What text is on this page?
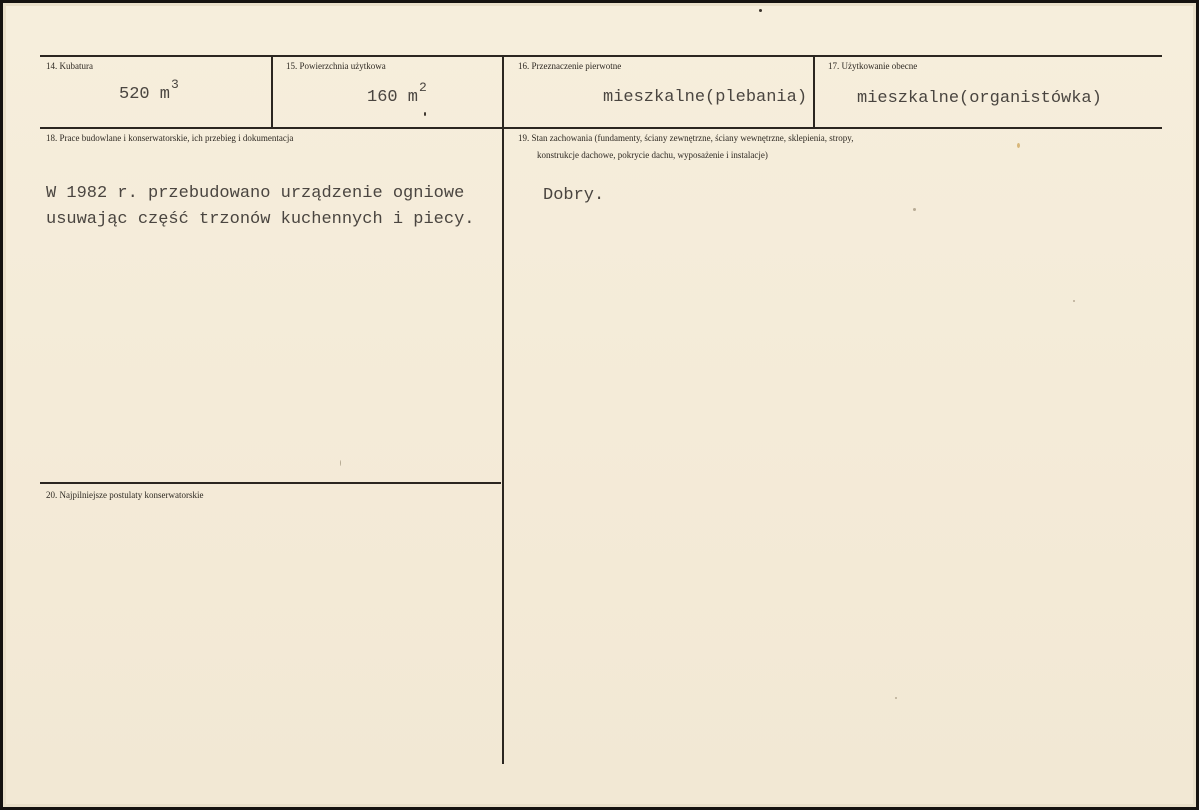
14. Kubatura
520 $m^3$
15. Powierzchnia użytkowa
160 $m^2$
16. Przeznaczenie pierwotne
mieszkalne(plebania)
17. Użytkowanie obecne
mieszkalne(organistówka)
18. Prace budowlane i konserwatorskie, ich przebieg i dokumentacja
W 1982 r. przebudowano urządzenie ogniowe
usuwając część trzonów kuchennych i piecy.
19. Stan zachowania (fundamenty, ściany zewnętrzne, ściany wewnętrzne, sklepienia, stropy,
konstrukcje dachowe, pokrycie dachu, wyposażenie i instalacje)
Dobry.
20. Najpilniejsze postulaty konserwatorskie
